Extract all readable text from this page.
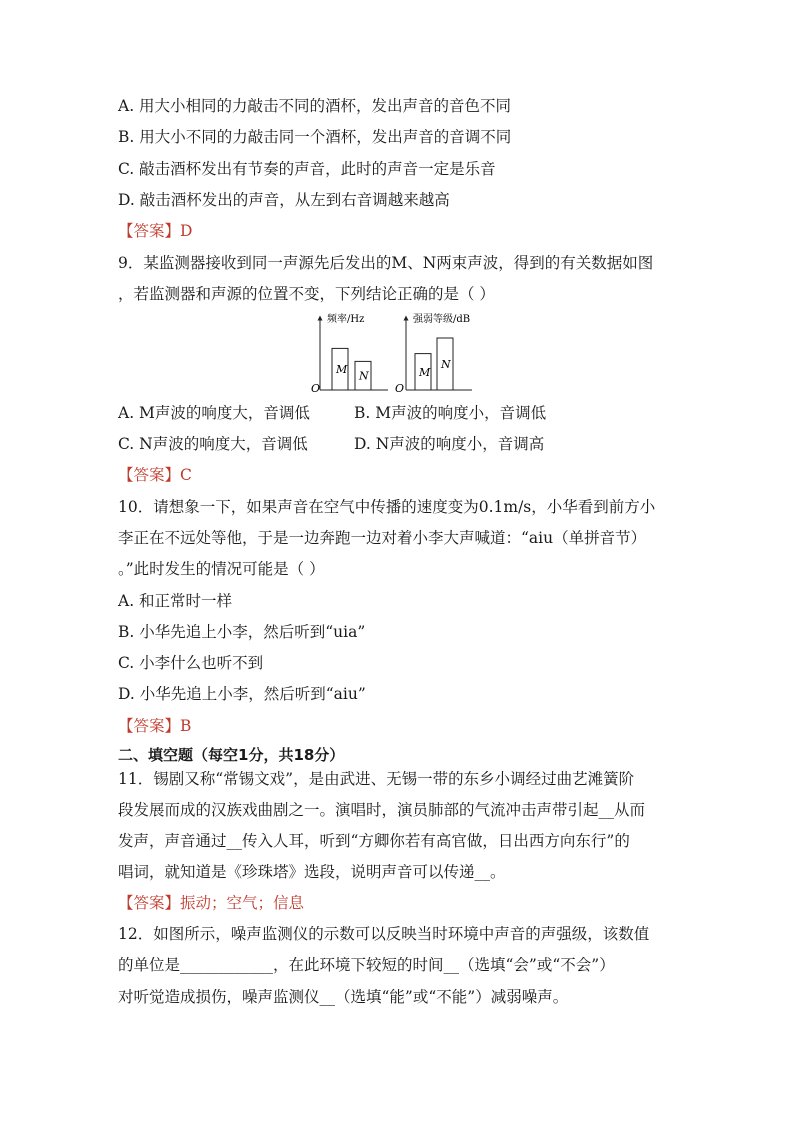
A. 用大小相同的力敲击不同的酒杯，发出声音的音色不同
B. 用大小不同的力敲击同一个酒杯，发出声音的音调不同
C. 敲击酒杯发出有节奏的声音，此时的声音一定是乐音
D. 敲击酒杯发出的声音，从左到右音调越来越高
【答案】D
9．某监测器接收到同一声源先后发出的M、N两束声波，得到的有关数据如图
，若监测器和声源的位置不变，下列结论正确的是（ ）
O
频率/Hz
M N
O
强弱等级/dB
M
N
A. M声波的响度大，音调低	B. M声波的响度小，音调低
C. N声波的响度大，音调低	D. N声波的响度小，音调高
【答案】C
10．请想象一下，如果声音在空气中传播的速度变为0.1m/s，小华看到前方小
李正在不远处等他，于是一边奔跑一边对着小李大声喊道：“aiu（单拼音节）
。”此时发生的情况可能是（ ）
A. 和正常时一样
B. 小华先追上小李，然后听到“uia”
C. 小李什么也听不到
D. 小华先追上小李，然后听到“aiu”
【答案】B
二、填空题（每空1分，共18分）
11．锡剧又称“常锡文戏”，是由武进、无锡一带的东乡小调经过曲艺滩簧阶
段发展而成的汉族戏曲剧之一。演唱时，演员肺部的气流冲击声带引起__从而
发声，声音通过__传入人耳，听到“方卿你若有高官做，日出西方向东行”的
唱词，就知道是《珍珠塔》选段，说明声音可以传递__。
【答案】振动；空气；信息
12．如图所示，噪声监测仪的示数可以反映当时环境中声音的声强级，该数值
的单位是____________，在此环境下较短的时间__（选填“会”或“不会”）
对听觉造成损伤，噪声监测仪__（选填“能”或“不能”）减弱噪声。
